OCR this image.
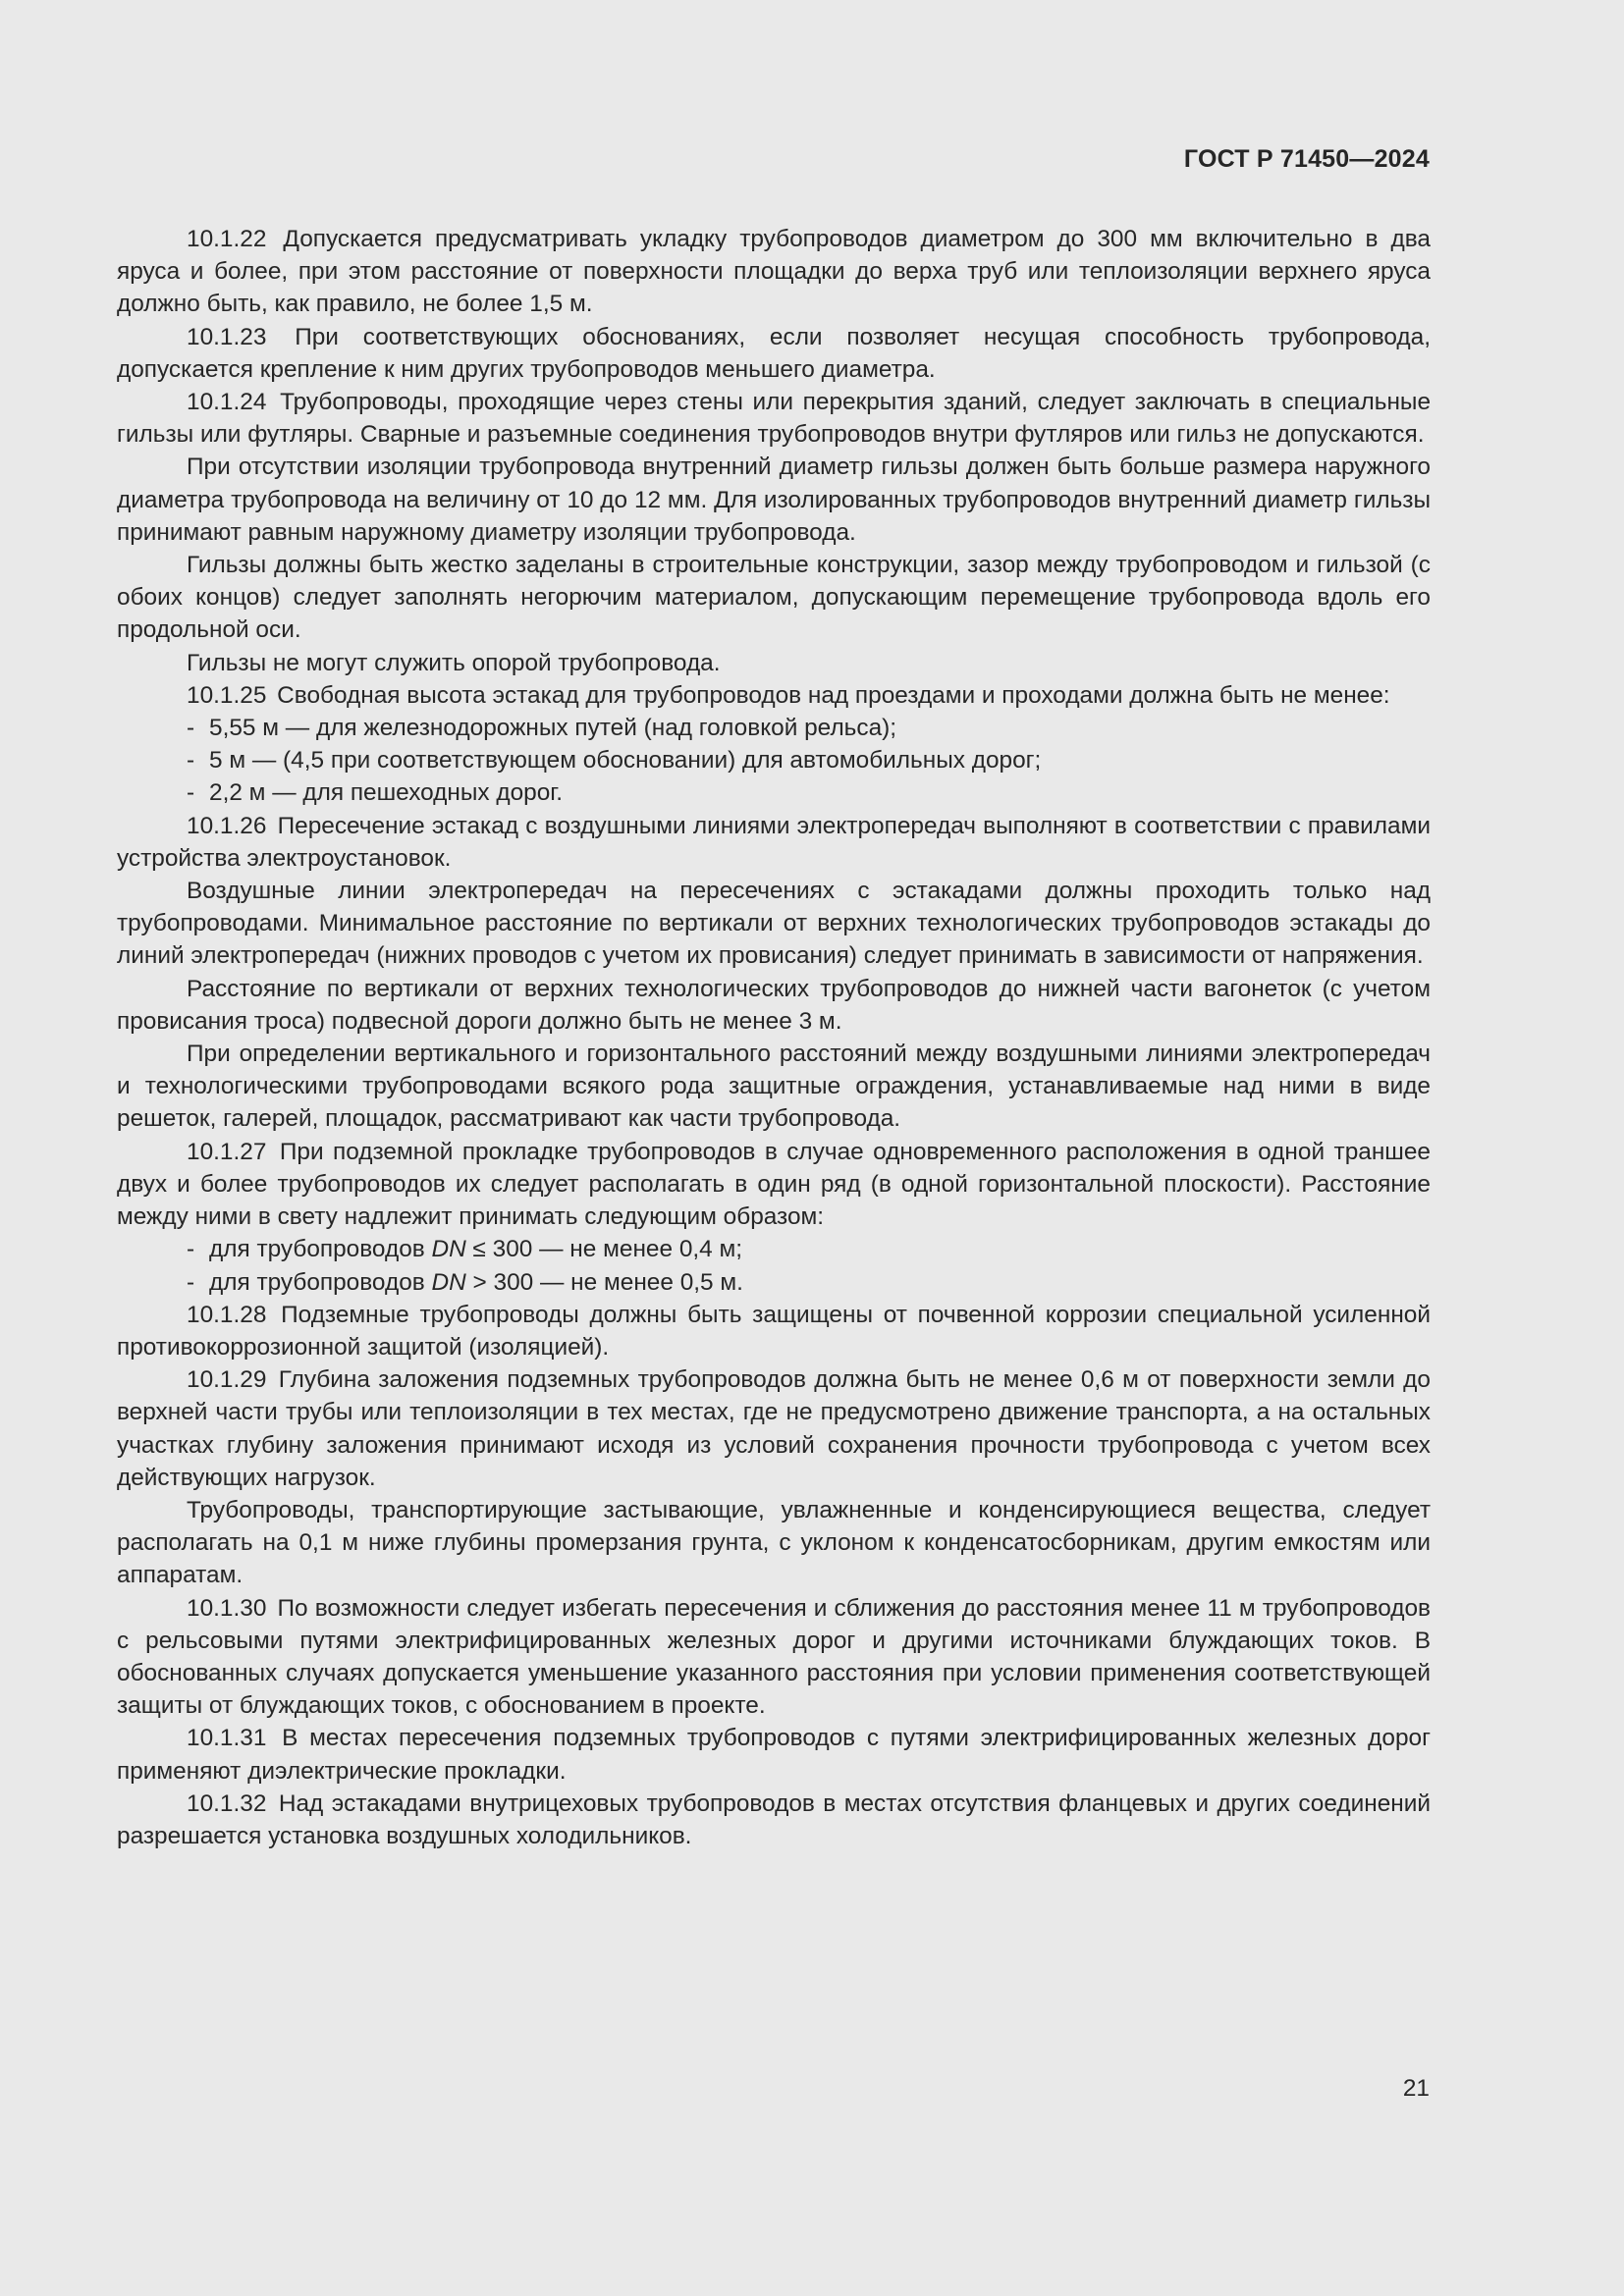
ГОСТ Р 71450—2024

10.1.22 Допускается предусматривать укладку трубопроводов диаметром до 300 мм включительно в два яруса и более, при этом расстояние от поверхности площадки до верха труб или теплоизоляции верхнего яруса должно быть, как правило, не более 1,5 м.

10.1.23 При соответствующих обоснованиях, если позволяет несущая способность трубопровода, допускается крепление к ним других трубопроводов меньшего диаметра.

10.1.24 Трубопроводы, проходящие через стены или перекрытия зданий, следует заключать в специальные гильзы или футляры. Сварные и разъемные соединения трубопроводов внутри футляров или гильз не допускаются.

При отсутствии изоляции трубопровода внутренний диаметр гильзы должен быть больше размера наружного диаметра трубопровода на величину от 10 до 12 мм. Для изолированных трубопроводов внутренний диаметр гильзы принимают равным наружному диаметру изоляции трубопровода.

Гильзы должны быть жестко заделаны в строительные конструкции, зазор между трубопроводом и гильзой (с обоих концов) следует заполнять негорючим материалом, допускающим перемещение трубопровода вдоль его продольной оси.

Гильзы не могут служить опорой трубопровода.

10.1.25 Свободная высота эстакад для трубопроводов над проездами и проходами должна быть не менее:

- 5,55 м — для железнодорожных путей (над головкой рельса);

- 5 м — (4,5 при соответствующем обосновании) для автомобильных дорог;

- 2,2 м — для пешеходных дорог.

10.1.26 Пересечение эстакад с воздушными линиями электропередач выполняют в соответствии с правилами устройства электроустановок.

Воздушные линии электропередач на пересечениях с эстакадами должны проходить только над трубопроводами. Минимальное расстояние по вертикали от верхних технологических трубопроводов эстакады до линий электропередач (нижних проводов с учетом их провисания) следует принимать в зависимости от напряжения.

Расстояние по вертикали от верхних технологических трубопроводов до нижней части вагонеток (с учетом провисания троса) подвесной дороги должно быть не менее 3 м.

При определении вертикального и горизонтального расстояний между воздушными линиями электропередач и технологическими трубопроводами всякого рода защитные ограждения, устанавливаемые над ними в виде решеток, галерей, площадок, рассматривают как части трубопровода.

10.1.27 При подземной прокладке трубопроводов в случае одновременного расположения в одной траншее двух и более трубопроводов их следует располагать в один ряд (в одной горизонтальной плоскости). Расстояние между ними в свету надлежит принимать следующим образом:

- для трубопроводов DN ≤ 300 — не менее 0,4 м;

- для трубопроводов DN > 300 — не менее 0,5 м.

10.1.28 Подземные трубопроводы должны быть защищены от почвенной коррозии специальной усиленной противокоррозионной защитой (изоляцией).

10.1.29 Глубина заложения подземных трубопроводов должна быть не менее 0,6 м от поверхности земли до верхней части трубы или теплоизоляции в тех местах, где не предусмотрено движение транспорта, а на остальных участках глубину заложения принимают исходя из условий сохранения прочности трубопровода с учетом всех действующих нагрузок.

Трубопроводы, транспортирующие застывающие, увлажненные и конденсирующиеся вещества, следует располагать на 0,1 м ниже глубины промерзания грунта, с уклоном к конденсатосборникам, другим емкостям или аппаратам.

10.1.30 По возможности следует избегать пересечения и сближения до расстояния менее 11 м трубопроводов с рельсовыми путями электрифицированных железных дорог и другими источниками блуждающих токов. В обоснованных случаях допускается уменьшение указанного расстояния при условии применения соответствующей защиты от блуждающих токов, с обоснованием в проекте.

10.1.31 В местах пересечения подземных трубопроводов с путями электрифицированных железных дорог применяют диэлектрические прокладки.

10.1.32 Над эстакадами внутрицеховых трубопроводов в местах отсутствия фланцевых и других соединений разрешается установка воздушных холодильников.

21
